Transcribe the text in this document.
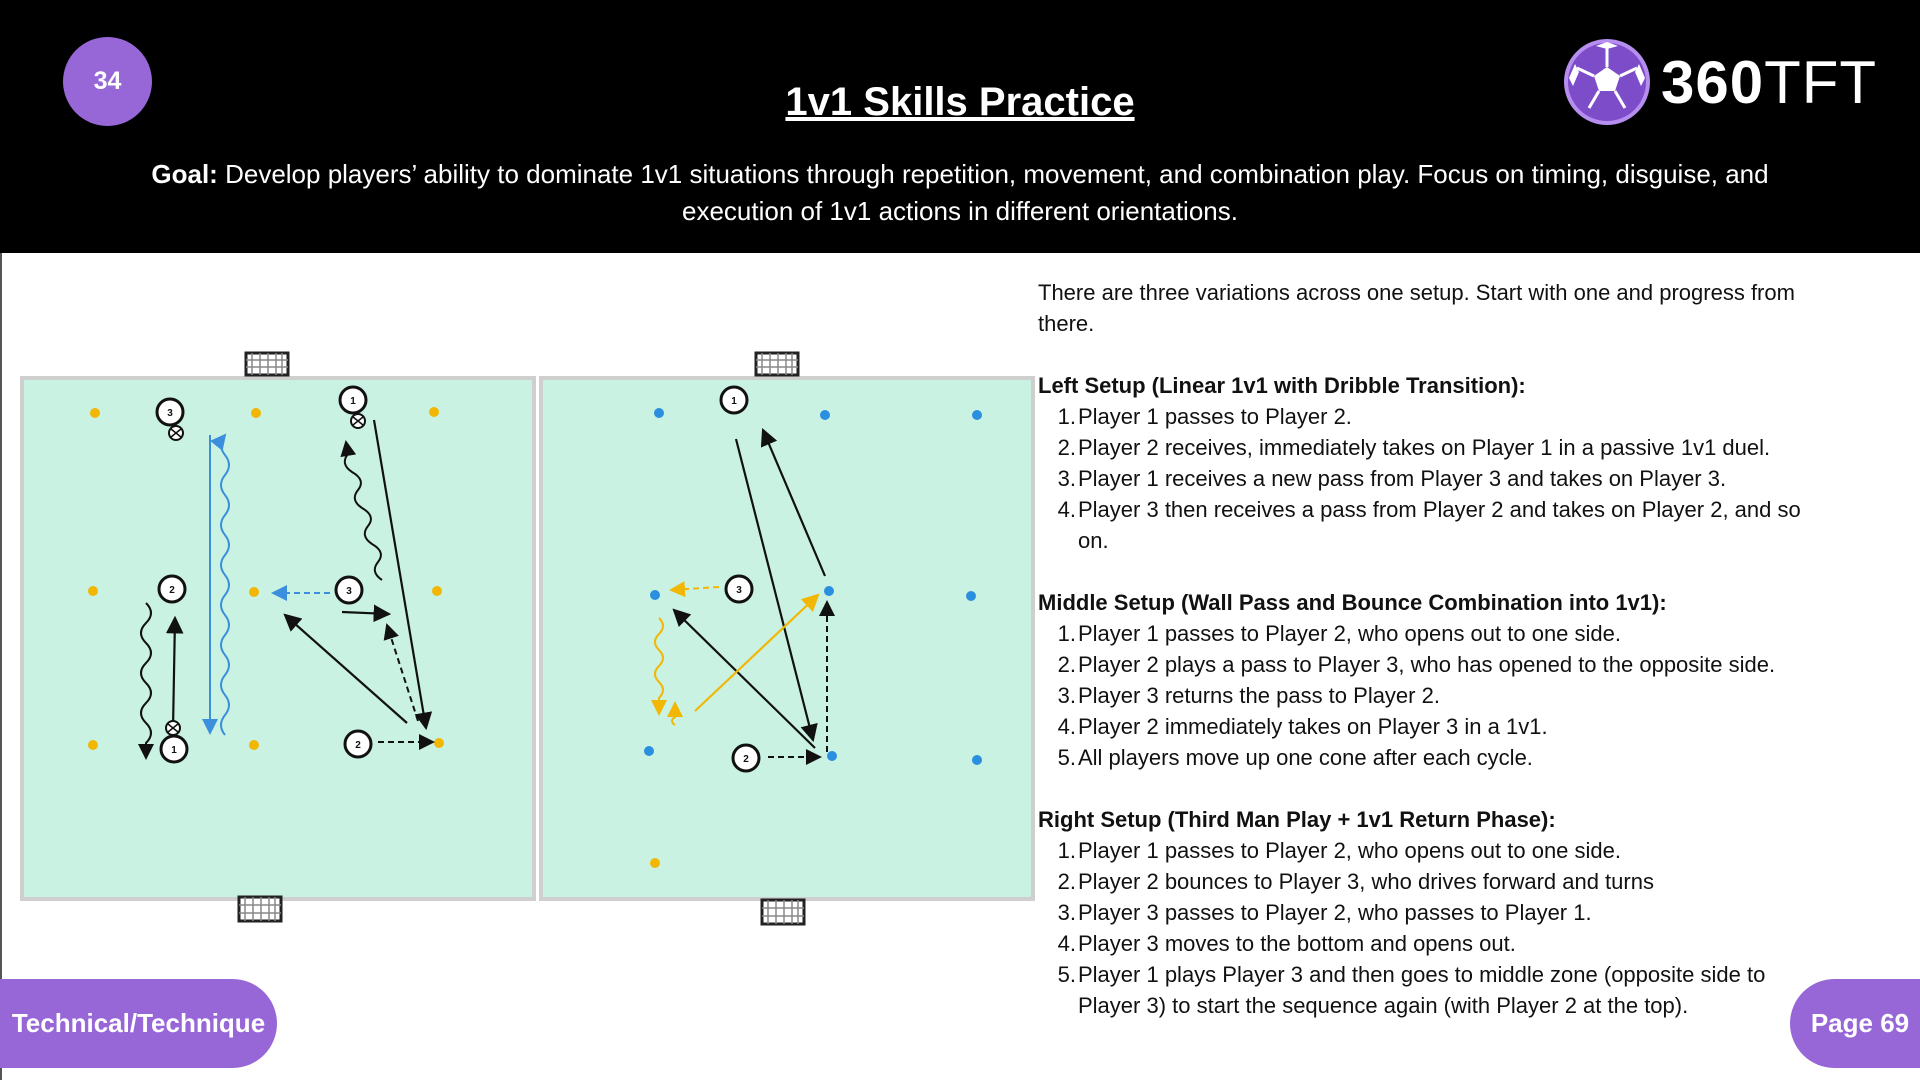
34	1v1 Skills Practice
Goal: Develop players’ ability to dominate 1v1 situations through repetition, movement, and combination play. Focus on timing, disguise, and execution of 1v1 actions in different orientations.
360TFT
3
2
1
1
3
2
1
3
2

There are three variations across one setup. Start with one and progress from there.

Left Setup (Linear 1v1 with Dribble Transition):

1. Player 1 passes to Player 2.
2. Player 2 receives, immediately takes on Player 1 in a passive 1v1 duel.
3. Player 1 receives a new pass from Player 3 and takes on Player 3.
4. Player 3 then receives a pass from Player 2 and takes on Player 2, and so on.

Middle Setup (Wall Pass and Bounce Combination into 1v1):

1. Player 1 passes to Player 2, who opens out to one side.
2. Player 2 plays a pass to Player 3, who has opened to the opposite side.
3. Player 3 returns the pass to Player 2.
4. Player 2 immediately takes on Player 3 in a 1v1.
5. All players move up one cone after each cycle.

Right Setup (Third Man Play + 1v1 Return Phase):

1. Player 1 passes to Player 2, who opens out to one side.
2. Player 2 bounces to Player 3, who drives forward and turns
3. Player 3 passes to Player 2, who passes to Player 1.
4. Player 3 moves to the bottom and opens out.
5. Player 1 plays Player 3 and then goes to middle zone (opposite side to Player 3) to start the sequence again (with Player 2 at the top).
Technical/Technique	Page 69
